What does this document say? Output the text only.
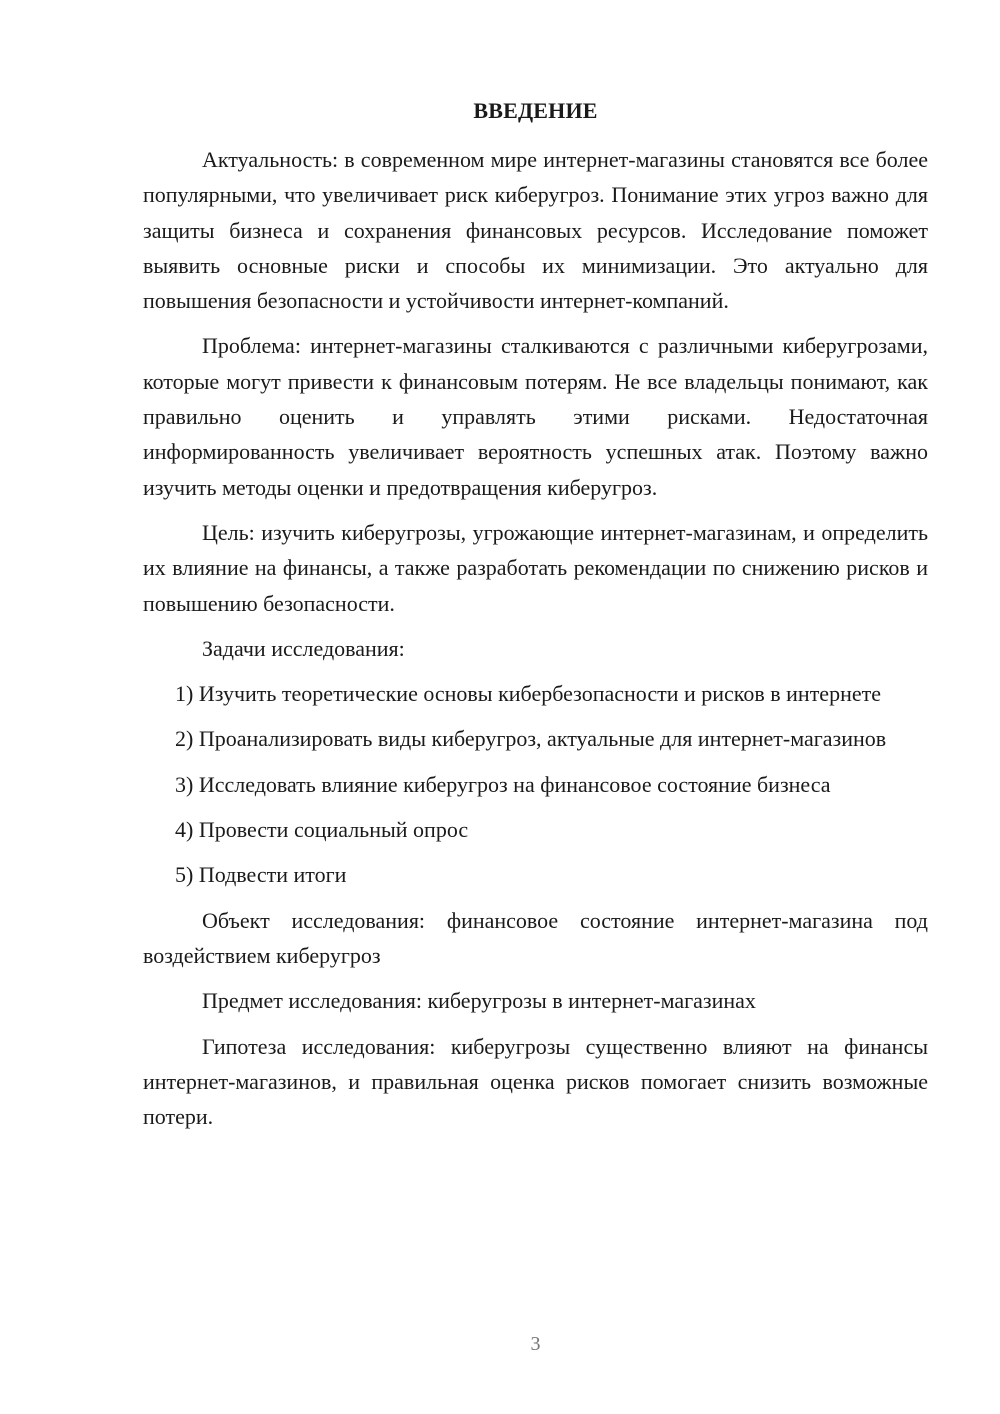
ВВЕДЕНИЕ

Актуальность: в современном мире интернет-магазины становятся все более популярными, что увеличивает риск киберугроз. Понимание этих угроз важно для защиты бизнеса и сохранения финансовых ресурсов. Исследование поможет выявить основные риски и способы их минимизации. Это актуально для повышения безопасности и устойчивости интернет-компаний.

Проблема: интернет-магазины сталкиваются с различными киберугрозами, которые могут привести к финансовым потерям. Не все владельцы понимают, как правильно оценить и управлять этими рисками. Недостаточная информированность увеличивает вероятность успешных атак. Поэтому важно изучить методы оценки и предотвращения киберугроз.

Цель: изучить киберугрозы, угрожающие интернет-магазинам, и определить их влияние на финансы, а также разработать рекомендации по снижению рисков и повышению безопасности.

Задачи исследования:

1) Изучить теоретические основы кибербезопасности и рисков в интернете

2) Проанализировать виды киберугроз, актуальные для интернет-магазинов

3) Исследовать влияние киберугроз на финансовое состояние бизнеса

4) Провести социальный опрос

5) Подвести итоги

Объект исследования: финансовое состояние интернет-магазина под воздействием киберугроз

Предмет исследования: киберугрозы в интернет-магазинах

Гипотеза исследования: киберугрозы существенно влияют на финансы интернет-магазинов, и правильная оценка рисков помогает снизить возможные потери.

3
